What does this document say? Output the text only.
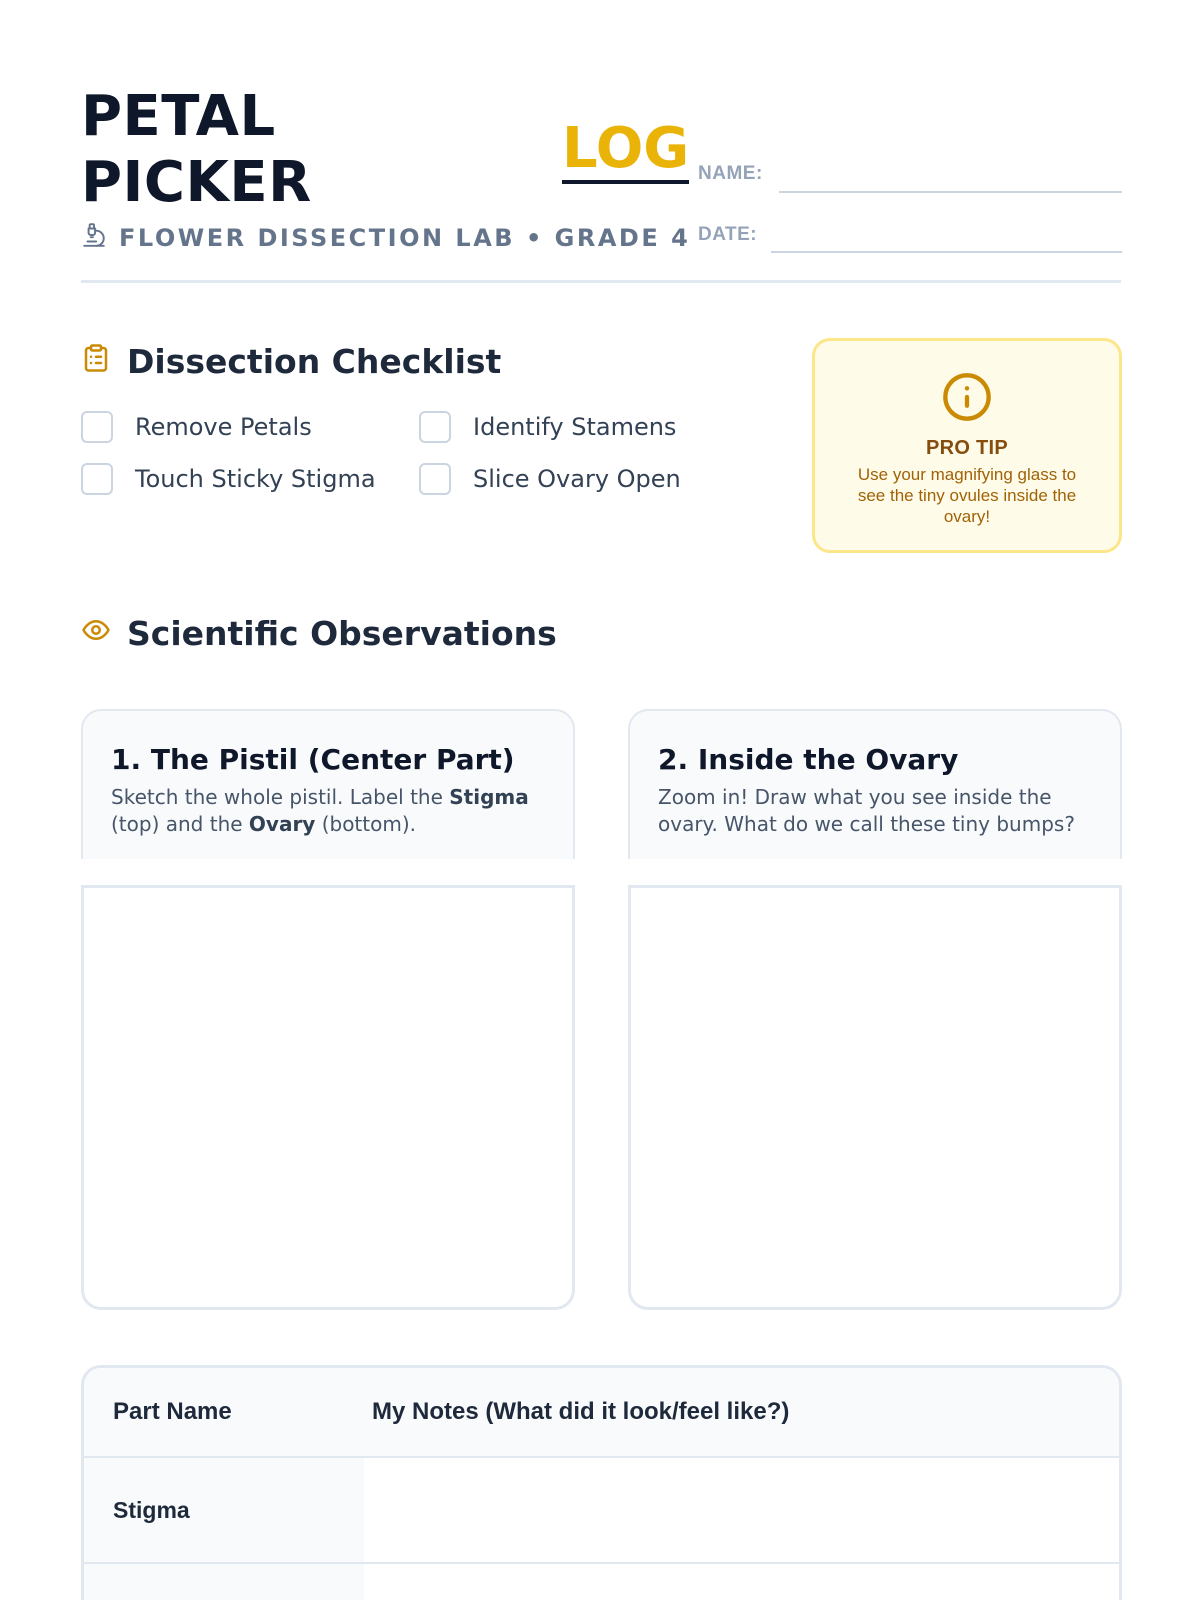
PETAL
PICKER
LOG
FLOWER DISSECTION LAB • GRADE 4
NAME:
DATE:
Dissection Checklist
Remove Petals	Identify Stamens
Touch Sticky Stigma	Slice Ovary Open
PRO TIP
Use your magnifying glass to see the tiny ovules inside the ovary!
Scientific Observations
1. The Pistil (Center Part)

Sketch the whole pistil. Label the Stigma (top) and the Ovary (bottom).

2. Inside the Ovary

Zoom in! Draw what you see inside the ovary. What do we call these tiny bumps?

Part Name	My Notes (What did it look/feel like?)
Stigma
